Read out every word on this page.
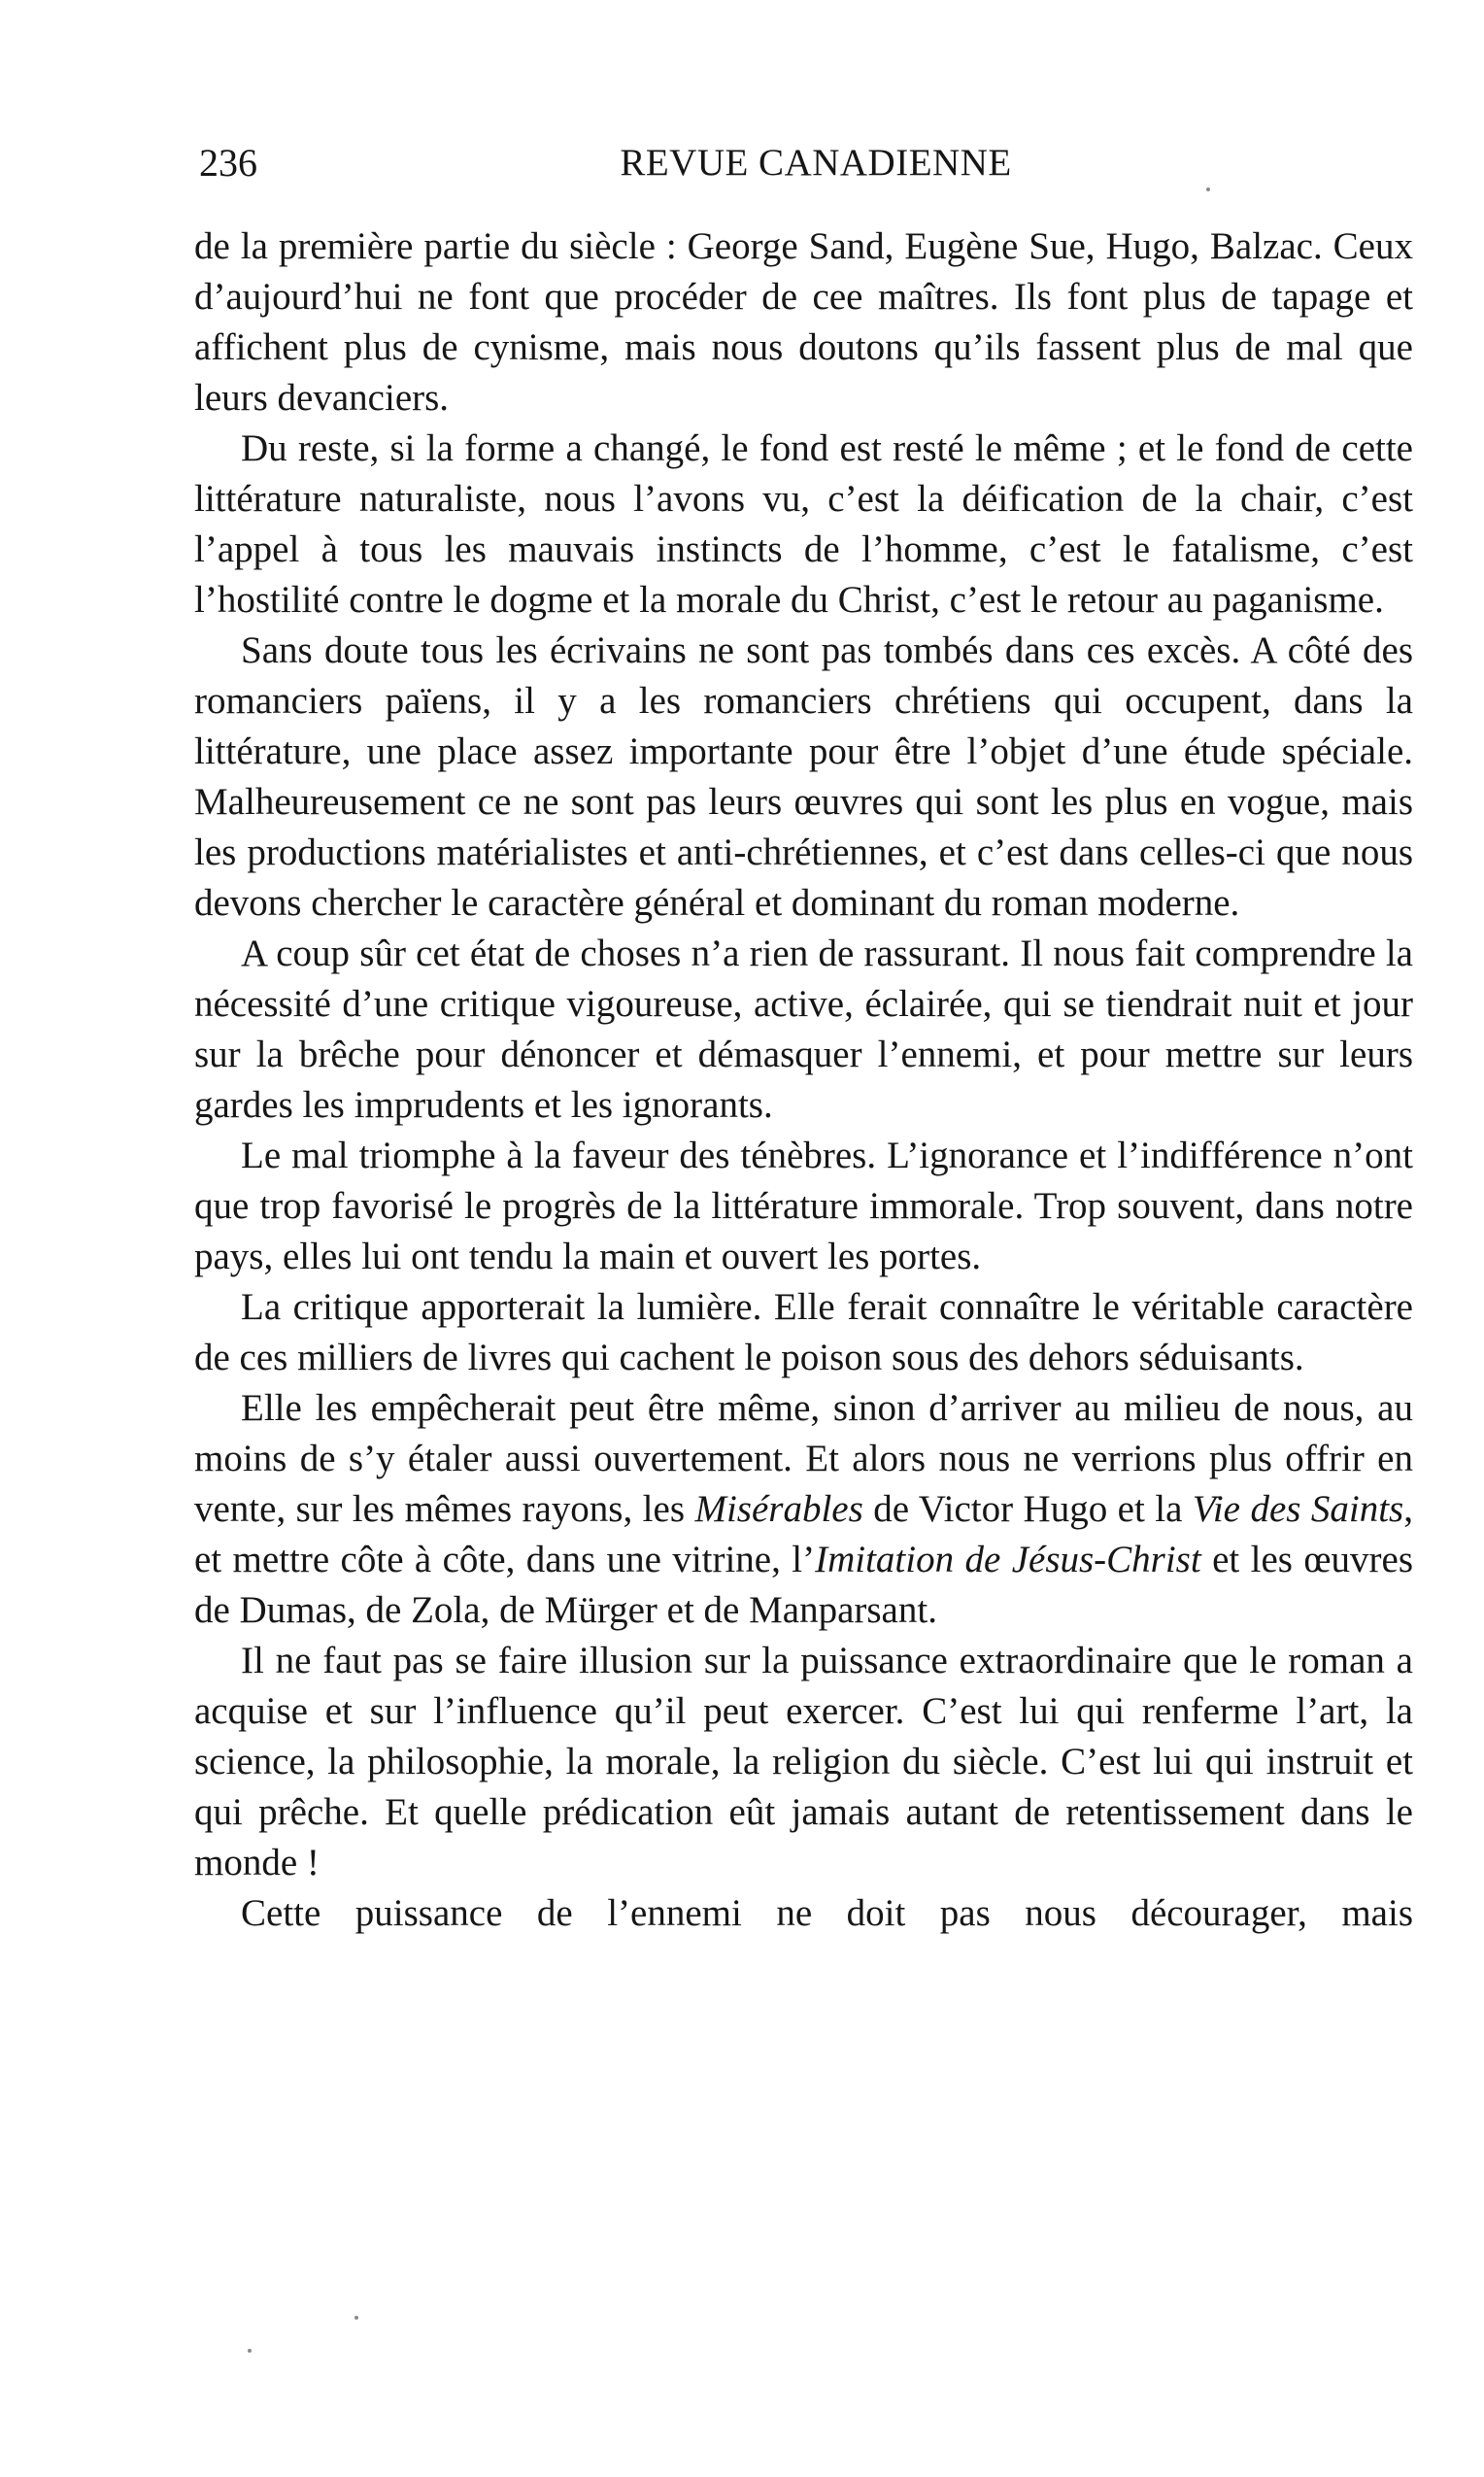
236	REVUE CANADIENNE

de la première partie du siècle : George Sand, Eugène Sue, Hugo, Balzac. Ceux d’aujourd’hui ne font que procéder de cee maîtres. Ils font plus de tapage et affichent plus de cynisme, mais nous doutons qu’ils fassent plus de mal que leurs devanciers.

Du reste, si la forme a changé, le fond est resté le même ; et le fond de cette littérature naturaliste, nous l’avons vu, c’est la déification de la chair, c’est l’appel à tous les mauvais instincts de l’homme, c’est le fatalisme, c’est l’hostilité contre le dogme et la morale du Christ, c’est le retour au paganisme.

Sans doute tous les écrivains ne sont pas tombés dans ces excès. A côté des romanciers païens, il y a les romanciers chrétiens qui occupent, dans la littérature, une place assez importante pour être l’objet d’une étude spéciale. Malheureusement ce ne sont pas leurs œuvres qui sont les plus en vogue, mais les productions matérialistes et anti-chrétiennes, et c’est dans celles-ci que nous devons chercher le caractère général et dominant du roman moderne.

A coup sûr cet état de choses n’a rien de rassurant. Il nous fait comprendre la nécessité d’une critique vigoureuse, active, éclairée, qui se tiendrait nuit et jour sur la brêche pour dénoncer et démasquer l’ennemi, et pour mettre sur leurs gardes les imprudents et les ignorants.

Le mal triomphe à la faveur des ténèbres. L’ignorance et l’indifférence n’ont que trop favorisé le progrès de la littérature immorale. Trop souvent, dans notre pays, elles lui ont tendu la main et ouvert les portes.

La critique apporterait la lumière. Elle ferait connaître le véritable caractère de ces milliers de livres qui cachent le poison sous des dehors séduisants.

Elle les empêcherait peut être même, sinon d’arriver au milieu de nous, au moins de s’y étaler aussi ouvertement. Et alors nous ne verrions plus offrir en vente, sur les mêmes rayons, les Misérables de Victor Hugo et la Vie des Saints, et mettre côte à côte, dans une vitrine, l’Imitation de Jésus-Christ et les œuvres de Dumas, de Zola, de Mürger et de Manparsant.

Il ne faut pas se faire illusion sur la puissance extraordinaire que le roman a acquise et sur l’influence qu’il peut exercer. C’est lui qui renferme l’art, la science, la philosophie, la morale, la religion du siècle. C’est lui qui instruit et qui prêche. Et quelle prédication eût jamais autant de retentissement dans le monde !

Cette puissance de l’ennemi ne doit pas nous décourager, mais
